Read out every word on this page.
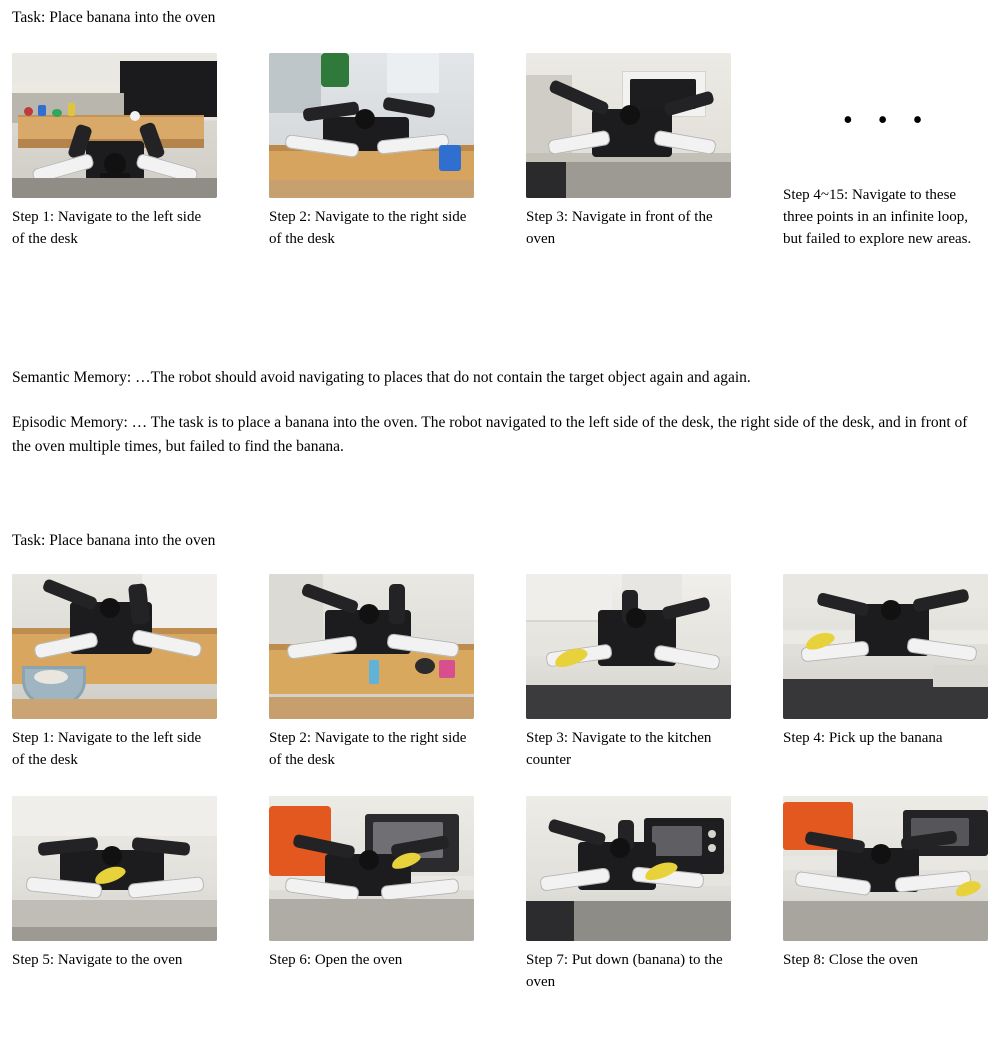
Task: Place banana into the oven
Step 1: Navigate to the left side of the desk
Step 2: Navigate to the right side of the desk
Step 3: Navigate in front of the oven
• • •
Step 4~15: Navigate to these three points in an infinite loop, but failed to explore new areas.

Semantic Memory: …The robot should avoid navigating to places that do not contain the target object again and again.

Episodic Memory: … The task is to place a banana into the oven. The robot navigated to the left side of the desk, the right side of the desk, and in front of the oven multiple times, but failed to find the banana.

Task: Place banana into the oven
Step 1: Navigate to the left side of the desk
Step 2: Navigate to the right side of the desk
Step 3: Navigate to the kitchen counter
Step 4: Pick up the banana
Step 5: Navigate to the oven	Step 6: Open the oven	Step 7: Put down (banana) to the oven
Step 8: Close the oven
